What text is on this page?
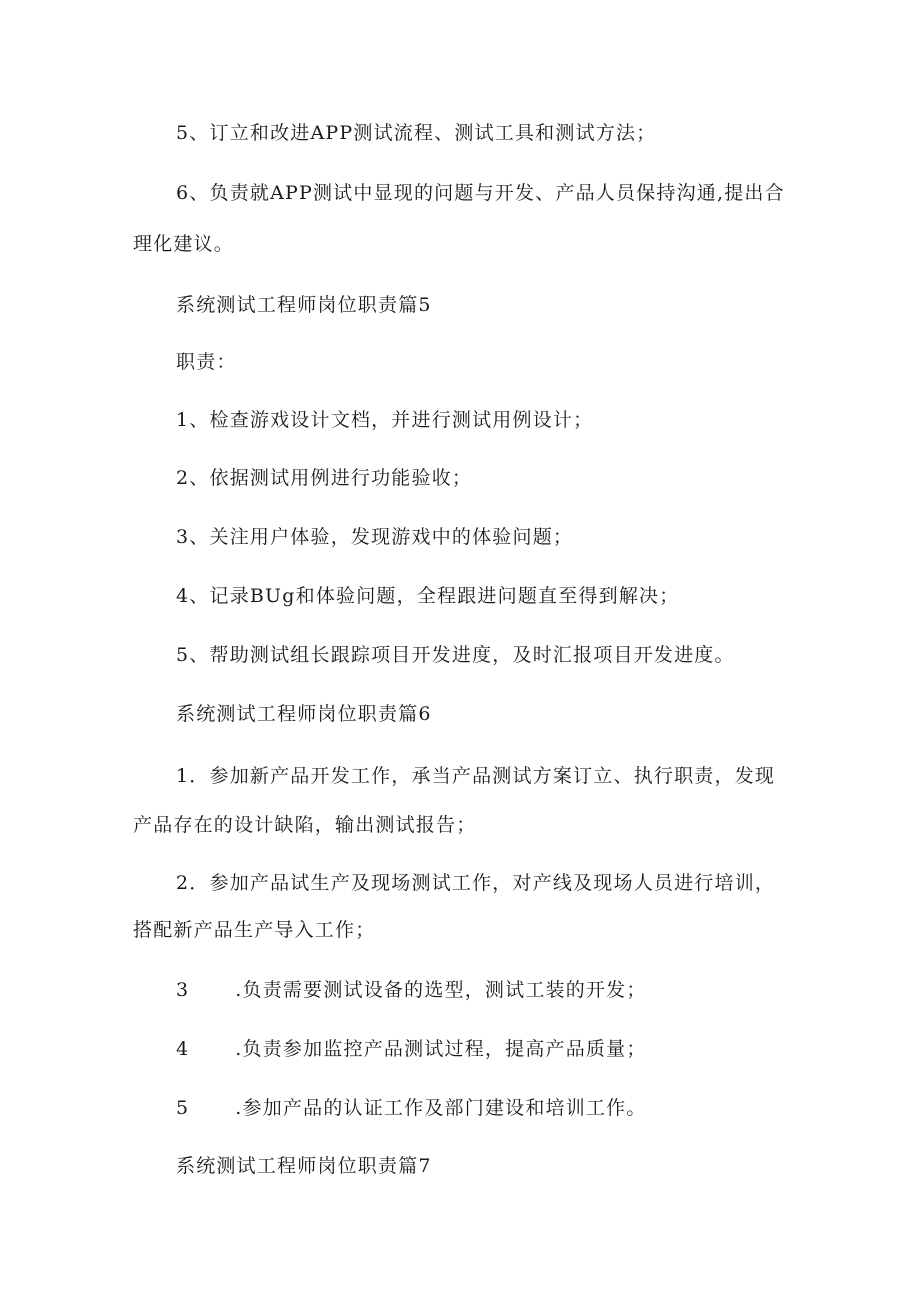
5、订立和改进APP测试流程、测试工具和测试方法；
6、负责就APP测试中显现的问题与开发、产品人员保持沟通,提出合
理化建议。
系统测试工程师岗位职责篇5
职责：
1、检查游戏设计文档，并进行测试用例设计；
2、依据测试用例进行功能验收；
3、关注用户体验，发现游戏中的体验问题；
4、记录BUg和体验问题，全程跟进问题直至得到解决；
5、帮助测试组长跟踪项目开发进度，及时汇报项目开发进度。
系统测试工程师岗位职责篇6
1．参加新产品开发工作，承当产品测试方案订立、执行职责，发现
产品存在的设计缺陷，输出测试报告；
2．参加产品试生产及现场测试工作，对产线及现场人员进行培训，
搭配新产品生产导入工作；
3 .负责需要测试设备的选型，测试工装的开发；
4 .负责参加监控产品测试过程，提高产品质量；
5 .参加产品的认证工作及部门建设和培训工作。
系统测试工程师岗位职责篇7
